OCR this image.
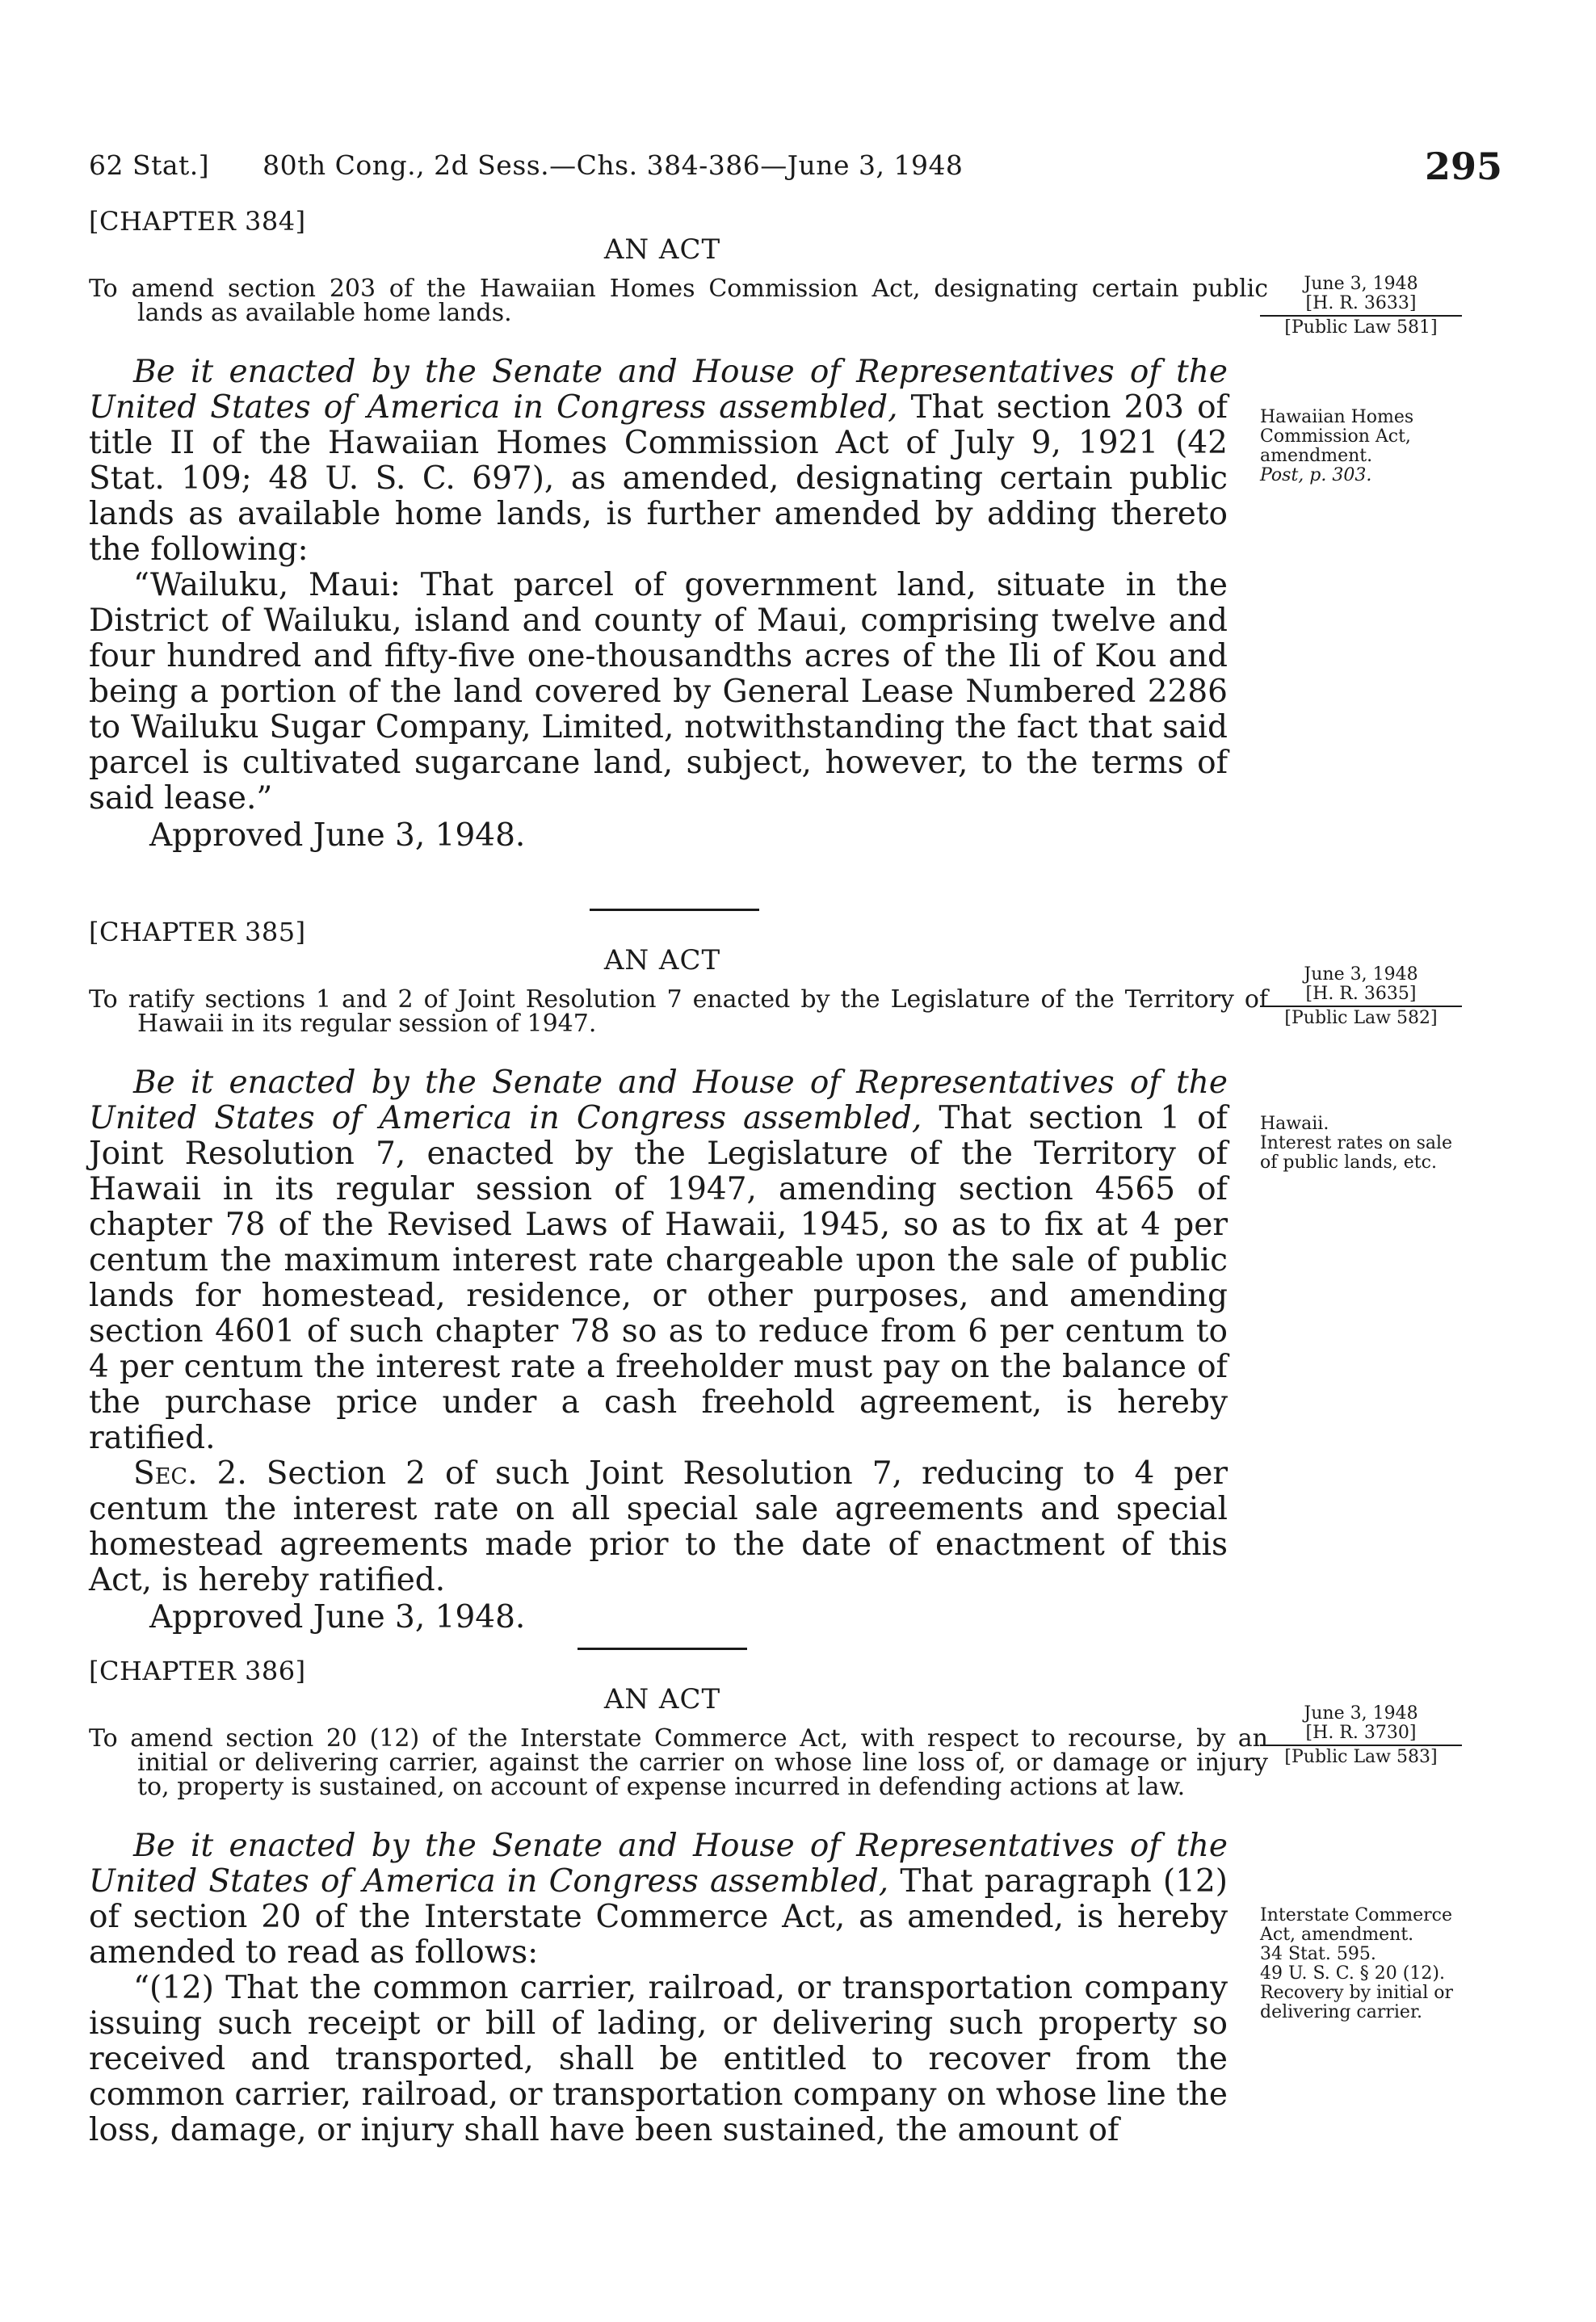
62 Stat.] 80th Cong., 2d Sess.—Chs. 384-386—June 3, 1948	295
[CHAPTER 384]
AN ACT
To amend section 203 of the Hawaiian Homes Commission Act, designating certain public lands as available home lands.

Be it enacted by the Senate and House of Representatives of the United States of America in Congress assembled, That section 203 of title II of the Hawaiian Homes Commission Act of July 9, 1921 (42 Stat. 109; 48 U. S. C. 697), as amended, designating certain public lands as available home lands, is further amended by adding thereto the following:

“Wailuku, Maui: That parcel of government land, situate in the District of Wailuku, island and county of Maui, comprising twelve and four hundred and fifty-five one-thousandths acres of the Ili of Kou and being a portion of the land covered by General Lease Numbered 2286 to Wailuku Sugar Company, Limited, notwithstanding the fact that said parcel is cultivated sugarcane land, subject, however, to the terms of said lease.”

Approved June 3, 1948.
June 3, 1948
[H. R. 3633]
[Public Law 581]
Hawaiian Homes Commission Act, amendment.
Post, p. 303.
[CHAPTER 385]
AN ACT
To ratify sections 1 and 2 of Joint Resolution 7 enacted by the Legislature of the Territory of Hawaii in its regular session of 1947.

Be it enacted by the Senate and House of Representatives of the United States of America in Congress assembled, That section 1 of Joint Resolution 7, enacted by the Legislature of the Territory of Hawaii in its regular session of 1947, amending section 4565 of chapter 78 of the Revised Laws of Hawaii, 1945, so as to fix at 4 per centum the maximum interest rate chargeable upon the sale of public lands for homestead, residence, or other purposes, and amending section 4601 of such chapter 78 so as to reduce from 6 per centum to 4 per centum the interest rate a freeholder must pay on the balance of the purchase price under a cash freehold agreement, is hereby ratified.

Sec. 2. Section 2 of such Joint Resolution 7, reducing to 4 per centum the interest rate on all special sale agreements and special homestead agreements made prior to the date of enactment of this Act, is hereby ratified.

Approved June 3, 1948.
June 3, 1948
[H. R. 3635]
[Public Law 582]
Hawaii.
Interest rates on sale of public lands, etc.
[CHAPTER 386]
AN ACT
To amend section 20 (12) of the Interstate Commerce Act, with respect to recourse, by an initial or delivering carrier, against the carrier on whose line loss of, or damage or injury to, property is sustained, on account of expense incurred in defending actions at law.

Be it enacted by the Senate and House of Representatives of the United States of America in Congress assembled, That paragraph (12) of section 20 of the Interstate Commerce Act, as amended, is hereby amended to read as follows:

“(12) That the common carrier, railroad, or transportation company issuing such receipt or bill of lading, or delivering such property so received and transported, shall be entitled to recover from the common carrier, railroad, or transportation company on whose line the loss, damage, or injury shall have been sustained, the amount of

June 3, 1948
[H. R. 3730]
[Public Law 583]
Interstate Commerce Act, amendment.
34 Stat. 595.
49 U. S. C. § 20 (12).
Recovery by initial or delivering carrier.
